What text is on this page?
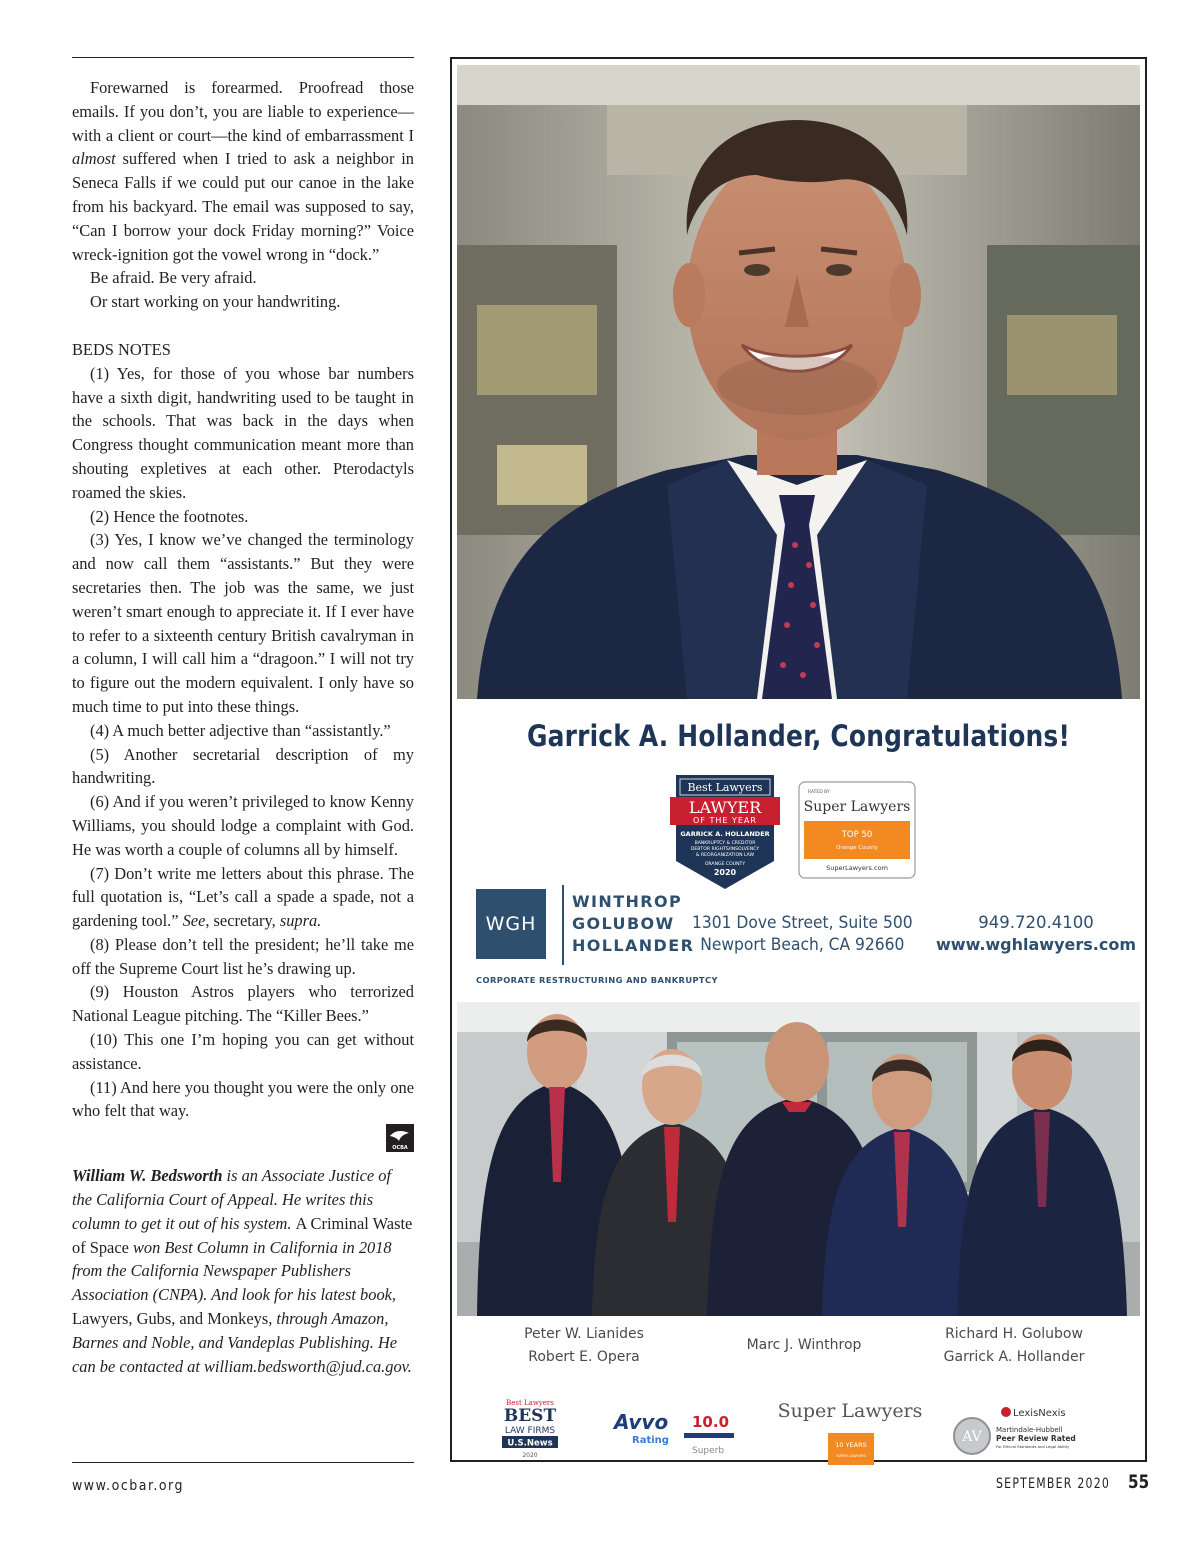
Forewarned is forearmed. Proofread those emails. If you don’t, you are liable to experience—with a client or court—the kind of embarrassment I almost suffered when I tried to ask a neighbor in Seneca Falls if we could put our canoe in the lake from his backyard. The email was supposed to say, “Can I borrow your dock Friday morning?” Voice wreck-ignition got the vowel wrong in “dock.”

Be afraid. Be very afraid.

Or start working on your handwriting.

BEDS NOTES

(1) Yes, for those of you whose bar numbers have a sixth digit, handwriting used to be taught in the schools. That was back in the days when Congress thought communication meant more than shouting expletives at each other. Pterodactyls roamed the skies.

(2) Hence the footnotes.

(3) Yes, I know we’ve changed the terminology and now call them “assistants.” But they were secretaries then. The job was the same, we just weren’t smart enough to appreciate it. If I ever have to refer to a sixteenth century British cavalryman in a column, I will call him a “dragoon.” I will not try to figure out the modern equivalent. I only have so much time to put into these things.

(4) A much better adjective than “assistantly.”

(5) Another secretarial description of my handwriting.

(6) And if you weren’t privileged to know Kenny Williams, you should lodge a complaint with God. He was worth a couple of columns all by himself.

(7) Don’t write me letters about this phrase. The full quotation is, “Let’s call a spade a spade, not a gardening tool.” See, secretary, supra.

(8) Please don’t tell the president; he’ll take me off the Supreme Court list he’s drawing up.

(9) Houston Astros players who terrorized National League pitching. The “Killer Bees.”

(10) This one I’m hoping you can get without assistance.

(11) And here you thought you were the only one who felt that way.

OCBA

William W. Bedsworth is an Associate Justice of the California Court of Appeal. He writes this column to get it out of his system. A Criminal Waste of Space won Best Column in California in 2018 from the California Newspaper Publishers Association (CNPA). And look for his latest book, Lawyers, Gubs, and Monkeys, through Amazon, Barnes and Noble, and Vandeplas Publishing. He can be contacted at william.bedsworth@jud.ca.gov.

www.ocbar.org	SEPTEMBER 2020 55
Garrick A. Hollander, Congratulations!
Best Lawyers
LAWYER
OF THE YEAR
GARRICK A. HOLLANDER
BANKRUPTCY & CREDITOR
DEBTOR RIGHTS/INSOLVENCY
& REORGANIZATION LAW
ORANGE COUNTY
2020
RATED BY
Super Lawyers
TOP 50
Orange County
SuperLawyers.com
WGH
WINTHROP
GOLUBOW
HOLLANDER
CORPORATE RESTRUCTURING AND BANKRUPTCY
1301 Dove Street, Suite 500
Newport Beach, CA 92660
949.720.4100
www.wghlawyers.com
Peter W. Lianides
Robert E. Opera
Marc J. Winthrop
Richard H. Golubow
Garrick A. Hollander
Best Lawyers
BEST
LAW FIRMS
U.S.News
2020
Avvo
Rating
10.0
Superb
Super Lawyers
10 YEARS
SUPER LAWYERS
LexisNexis
AV Martindale-Hubbell
Peer Review Rated
For Ethical Standards and Legal Ability
